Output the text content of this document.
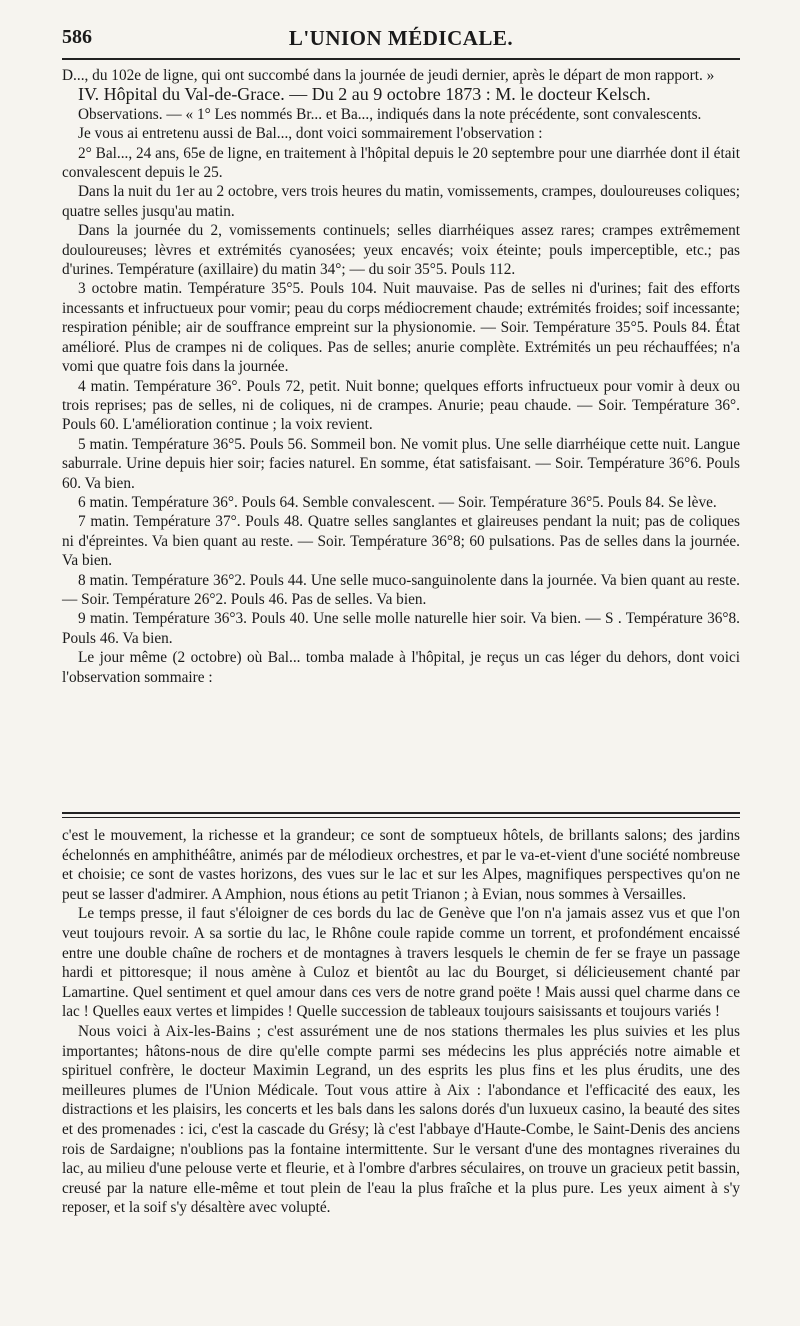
586	L'UNION MÉDICALE.

D..., du 102e de ligne, qui ont succombé dans la journée de jeudi dernier, après le départ de mon rapport. »

IV. Hôpital du Val-de-Grace. — Du 2 au 9 octobre 1873 : M. le docteur Kelsch.

Observations. — « 1° Les nommés Br... et Ba..., indiqués dans la note précédente, sont convalescents.

Je vous ai entretenu aussi de Bal..., dont voici sommairement l'observation :

2° Bal..., 24 ans, 65e de ligne, en traitement à l'hôpital depuis le 20 septembre pour une diarrhée dont il était convalescent depuis le 25.

Dans la nuit du 1er au 2 octobre, vers trois heures du matin, vomissements, crampes, douloureuses coliques; quatre selles jusqu'au matin.

Dans la journée du 2, vomissements continuels; selles diarrhéiques assez rares; crampes extrêmement douloureuses; lèvres et extrémités cyanosées; yeux encavés; voix éteinte; pouls imperceptible, etc.; pas d'urines. Température (axillaire) du matin 34°; — du soir 35°5. Pouls 112.

3 octobre matin. Température 35°5. Pouls 104. Nuit mauvaise. Pas de selles ni d'urines; fait des efforts incessants et infructueux pour vomir; peau du corps médiocrement chaude; extrémités froides; soif incessante; respiration pénible; air de souffrance empreint sur la physionomie. — Soir. Température 35°5. Pouls 84. État amélioré. Plus de crampes ni de coliques. Pas de selles; anurie complète. Extrémités un peu réchauffées; n'a vomi que quatre fois dans la journée.

4 matin. Température 36°. Pouls 72, petit. Nuit bonne; quelques efforts infructueux pour vomir à deux ou trois reprises; pas de selles, ni de coliques, ni de crampes. Anurie; peau chaude. — Soir. Température 36°. Pouls 60. L'amélioration continue ; la voix revient.

5 matin. Température 36°5. Pouls 56. Sommeil bon. Ne vomit plus. Une selle diarrhéique cette nuit. Langue saburrale. Urine depuis hier soir; facies naturel. En somme, état satisfaisant. — Soir. Température 36°6. Pouls 60. Va bien.

6 matin. Température 36°. Pouls 64. Semble convalescent. — Soir. Température 36°5. Pouls 84. Se lève.

7 matin. Température 37°. Pouls 48. Quatre selles sanglantes et glaireuses pendant la nuit; pas de coliques ni d'épreintes. Va bien quant au reste. — Soir. Température 36°8; 60 pulsations. Pas de selles dans la journée. Va bien.

8 matin. Température 36°2. Pouls 44. Une selle muco-sanguinolente dans la journée. Va bien quant au reste. — Soir. Température 26°2. Pouls 46. Pas de selles. Va bien.

9 matin. Température 36°3. Pouls 40. Une selle molle naturelle hier soir. Va bien. — S . Température 36°8. Pouls 46. Va bien.

Le jour même (2 octobre) où Bal... tomba malade à l'hôpital, je reçus un cas léger du dehors, dont voici l'observation sommaire :

c'est le mouvement, la richesse et la grandeur; ce sont de somptueux hôtels, de brillants salons; des jardins échelonnés en amphithéâtre, animés par de mélodieux orchestres, et par le va-et-vient d'une société nombreuse et choisie; ce sont de vastes horizons, des vues sur le lac et sur les Alpes, magnifiques perspectives qu'on ne peut se lasser d'admirer. A Amphion, nous étions au petit Trianon ; à Evian, nous sommes à Versailles.

Le temps presse, il faut s'éloigner de ces bords du lac de Genève que l'on n'a jamais assez vus et que l'on veut toujours revoir. A sa sortie du lac, le Rhône coule rapide comme un torrent, et profondément encaissé entre une double chaîne de rochers et de montagnes à travers lesquels le chemin de fer se fraye un passage hardi et pittoresque; il nous amène à Culoz et bientôt au lac du Bourget, si délicieusement chanté par Lamartine. Quel sentiment et quel amour dans ces vers de notre grand poëte ! Mais aussi quel charme dans ce lac ! Quelles eaux vertes et limpides ! Quelle succession de tableaux toujours saisissants et toujours variés !

Nous voici à Aix-les-Bains ; c'est assurément une de nos stations thermales les plus suivies et les plus importantes; hâtons-nous de dire qu'elle compte parmi ses médecins les plus appréciés notre aimable et spirituel confrère, le docteur Maximin Legrand, un des esprits les plus fins et les plus érudits, une des meilleures plumes de l'Union Médicale. Tout vous attire à Aix : l'abondance et l'efficacité des eaux, les distractions et les plaisirs, les concerts et les bals dans les salons dorés d'un luxueux casino, la beauté des sites et des promenades : ici, c'est la cascade du Grésy; là c'est l'abbaye d'Haute-Combe, le Saint-Denis des anciens rois de Sardaigne; n'oublions pas la fontaine intermittente. Sur le versant d'une des montagnes riveraines du lac, au milieu d'une pelouse verte et fleurie, et à l'ombre d'arbres séculaires, on trouve un gracieux petit bassin, creusé par la nature elle-même et tout plein de l'eau la plus fraîche et la plus pure. Les yeux aiment à s'y reposer, et la soif s'y désaltère avec volupté.
